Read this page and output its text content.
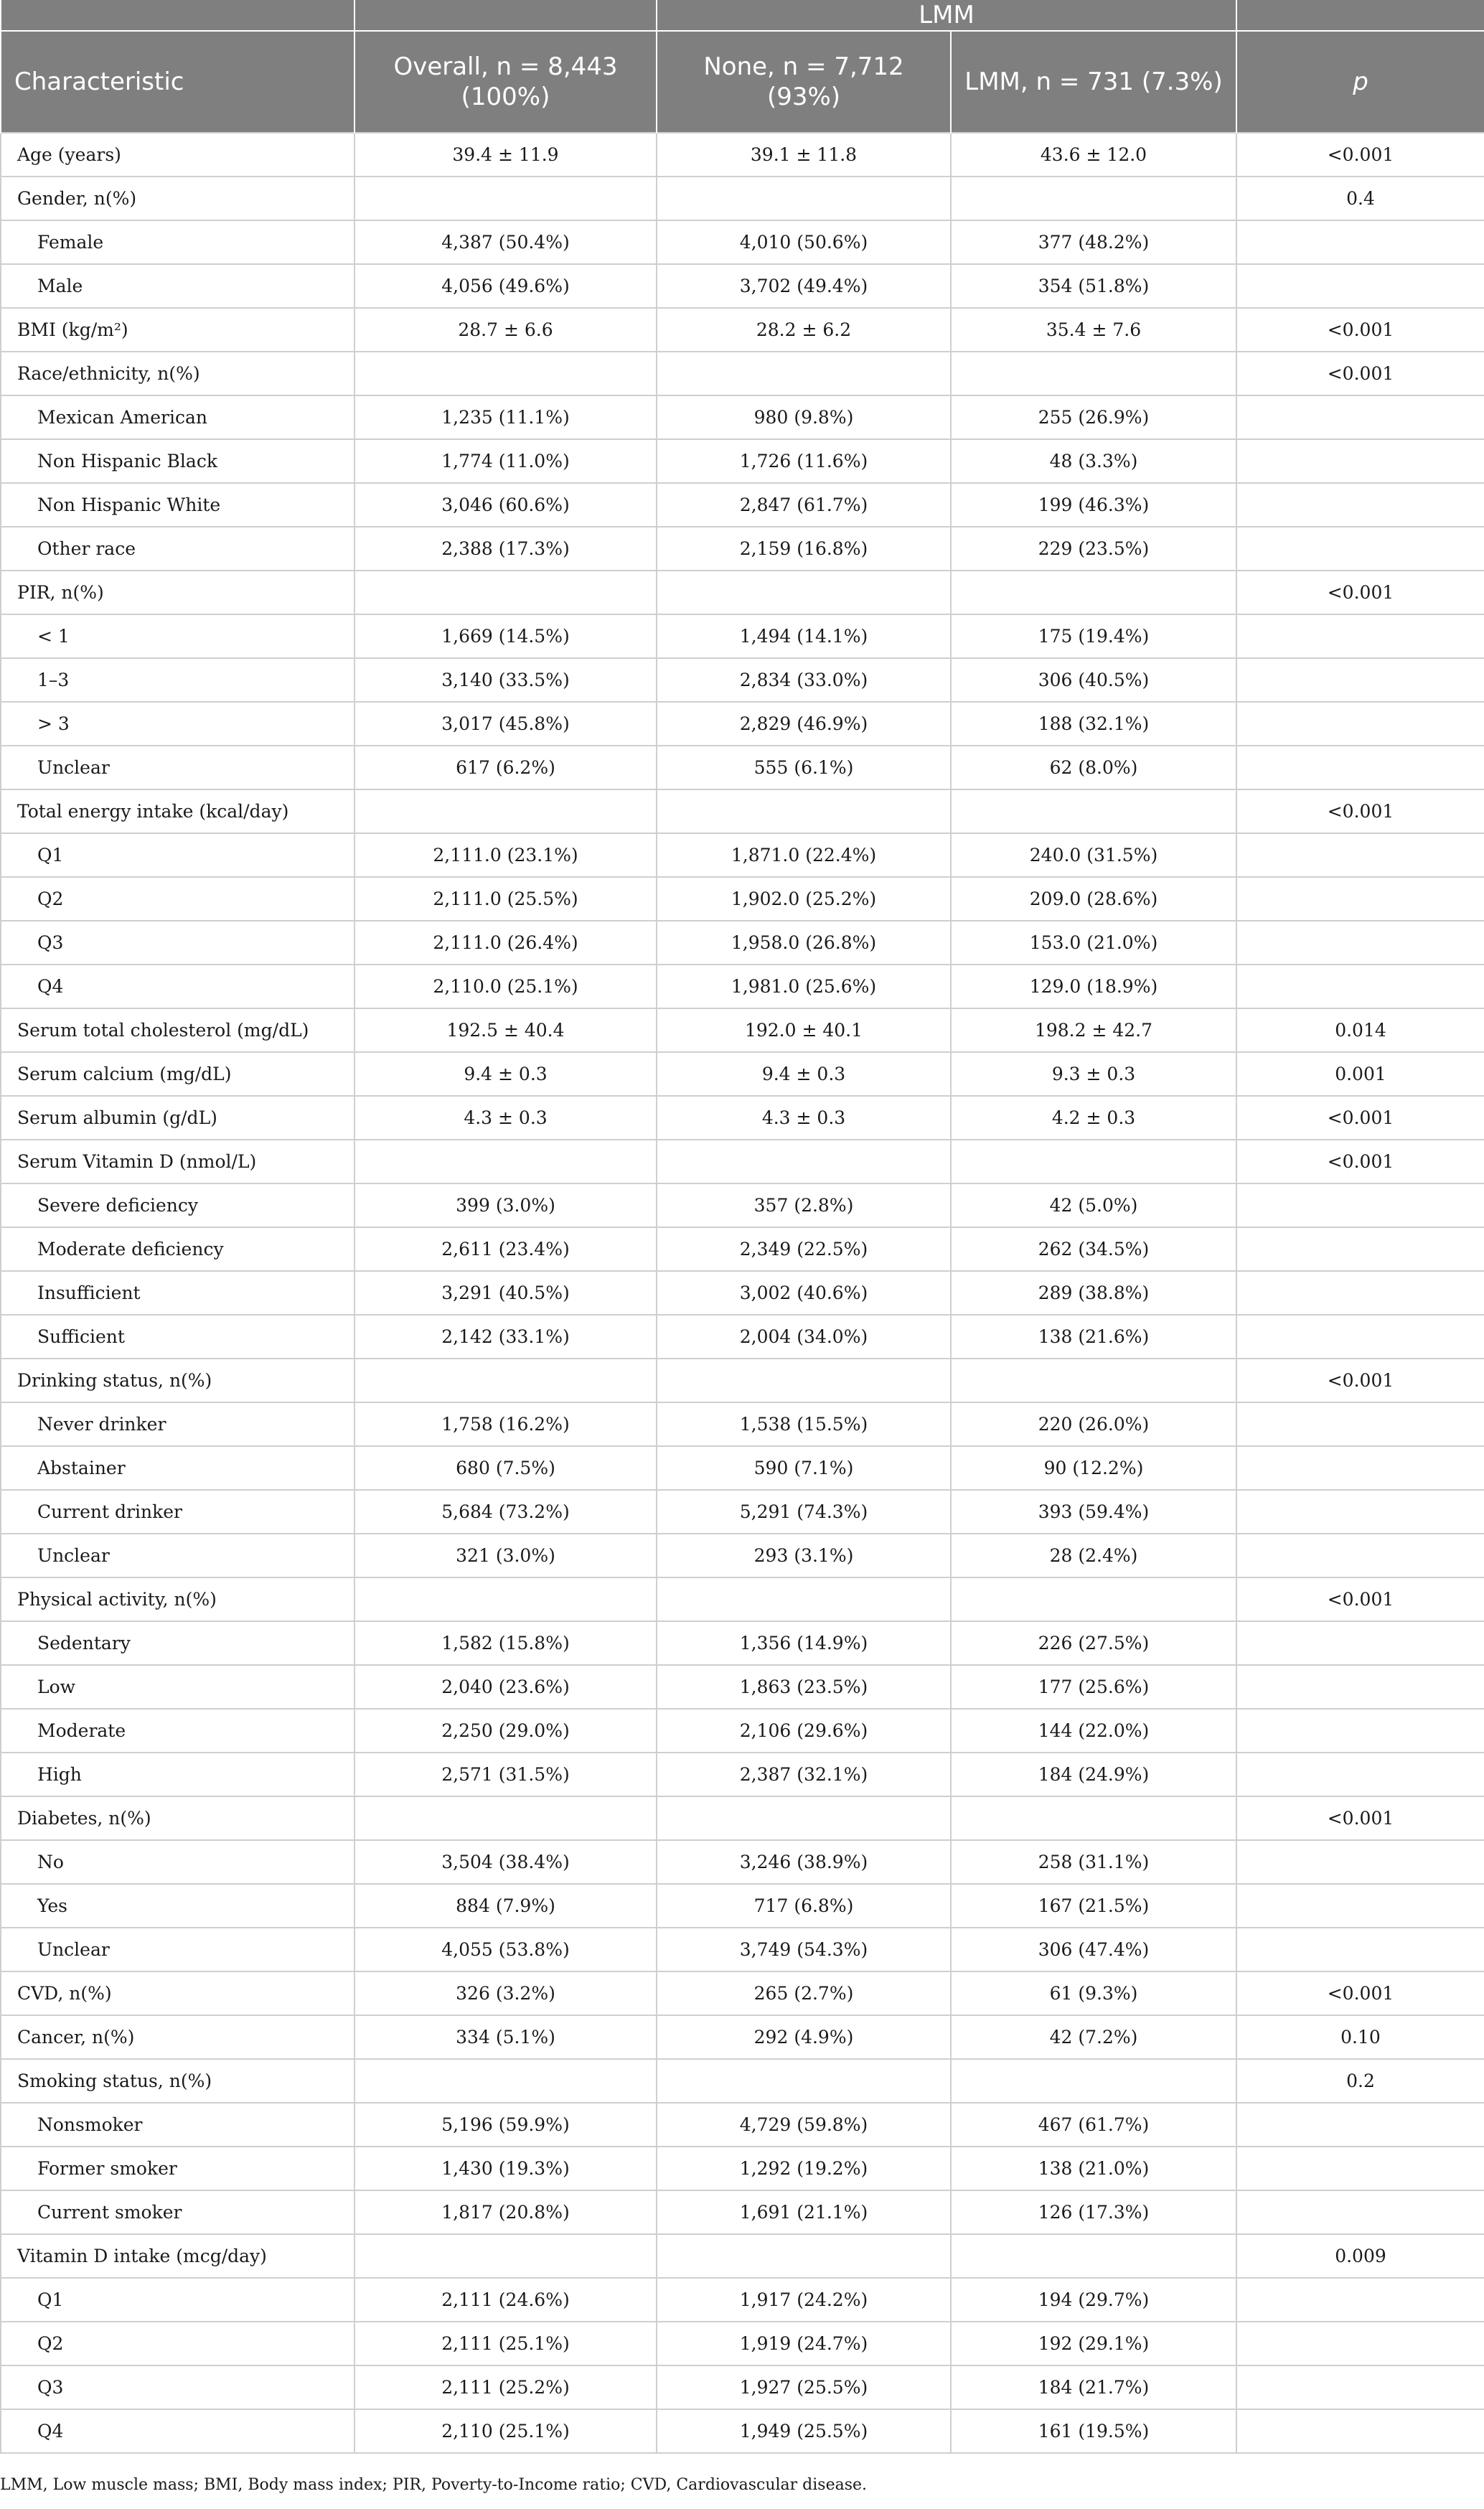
		LMM		
Characteristic	Overall, n = 8,443 (100%)	None, n = 7,712 (93%)	LMM, n = 731 (7.3%)	p
Age (years)	39.4 ± 11.9	39.1 ± 11.8	43.6 ± 12.0	<0.001
Gender, n(%)				0.4
Female	4,387 (50.4%)	4,010 (50.6%)	377 (48.2%)	
Male	4,056 (49.6%)	3,702 (49.4%)	354 (51.8%)	
BMI (kg/m²)	28.7 ± 6.6	28.2 ± 6.2	35.4 ± 7.6	<0.001
Race/ethnicity, n(%)				<0.001
Mexican American	1,235 (11.1%)	980 (9.8%)	255 (26.9%)	
Non Hispanic Black	1,774 (11.0%)	1,726 (11.6%)	48 (3.3%)	
Non Hispanic White	3,046 (60.6%)	2,847 (61.7%)	199 (46.3%)	
Other race	2,388 (17.3%)	2,159 (16.8%)	229 (23.5%)	
PIR, n(%)				<0.001
< 1	1,669 (14.5%)	1,494 (14.1%)	175 (19.4%)	
1–3	3,140 (33.5%)	2,834 (33.0%)	306 (40.5%)	
> 3	3,017 (45.8%)	2,829 (46.9%)	188 (32.1%)	
Unclear	617 (6.2%)	555 (6.1%)	62 (8.0%)	
Total energy intake (kcal/day)				<0.001
Q1	2,111.0 (23.1%)	1,871.0 (22.4%)	240.0 (31.5%)	
Q2	2,111.0 (25.5%)	1,902.0 (25.2%)	209.0 (28.6%)	
Q3	2,111.0 (26.4%)	1,958.0 (26.8%)	153.0 (21.0%)	
Q4	2,110.0 (25.1%)	1,981.0 (25.6%)	129.0 (18.9%)	
Serum total cholesterol (mg/dL)	192.5 ± 40.4	192.0 ± 40.1	198.2 ± 42.7	0.014
Serum calcium (mg/dL)	9.4 ± 0.3	9.4 ± 0.3	9.3 ± 0.3	0.001
Serum albumin (g/dL)	4.3 ± 0.3	4.3 ± 0.3	4.2 ± 0.3	<0.001
Serum Vitamin D (nmol/L)				<0.001
Severe deficiency	399 (3.0%)	357 (2.8%)	42 (5.0%)	
Moderate deficiency	2,611 (23.4%)	2,349 (22.5%)	262 (34.5%)	
Insufficient	3,291 (40.5%)	3,002 (40.6%)	289 (38.8%)	
Sufficient	2,142 (33.1%)	2,004 (34.0%)	138 (21.6%)	
Drinking status, n(%)				<0.001
Never drinker	1,758 (16.2%)	1,538 (15.5%)	220 (26.0%)	
Abstainer	680 (7.5%)	590 (7.1%)	90 (12.2%)	
Current drinker	5,684 (73.2%)	5,291 (74.3%)	393 (59.4%)	
Unclear	321 (3.0%)	293 (3.1%)	28 (2.4%)	
Physical activity, n(%)				<0.001
Sedentary	1,582 (15.8%)	1,356 (14.9%)	226 (27.5%)	
Low	2,040 (23.6%)	1,863 (23.5%)	177 (25.6%)	
Moderate	2,250 (29.0%)	2,106 (29.6%)	144 (22.0%)	
High	2,571 (31.5%)	2,387 (32.1%)	184 (24.9%)	
Diabetes, n(%)				<0.001
No	3,504 (38.4%)	3,246 (38.9%)	258 (31.1%)	
Yes	884 (7.9%)	717 (6.8%)	167 (21.5%)	
Unclear	4,055 (53.8%)	3,749 (54.3%)	306 (47.4%)	
CVD, n(%)	326 (3.2%)	265 (2.7%)	61 (9.3%)	<0.001
Cancer, n(%)	334 (5.1%)	292 (4.9%)	42 (7.2%)	0.10
Smoking status, n(%)				0.2
Nonsmoker	5,196 (59.9%)	4,729 (59.8%)	467 (61.7%)	
Former smoker	1,430 (19.3%)	1,292 (19.2%)	138 (21.0%)	
Current smoker	1,817 (20.8%)	1,691 (21.1%)	126 (17.3%)	
Vitamin D intake (mcg/day)				0.009
Q1	2,111 (24.6%)	1,917 (24.2%)	194 (29.7%)	
Q2	2,111 (25.1%)	1,919 (24.7%)	192 (29.1%)	
Q3	2,111 (25.2%)	1,927 (25.5%)	184 (21.7%)	
Q4	2,110 (25.1%)	1,949 (25.5%)	161 (19.5%)	
LMM, Low muscle mass; BMI, Body mass index; PIR, Poverty-to-Income ratio; CVD, Cardiovascular disease.
